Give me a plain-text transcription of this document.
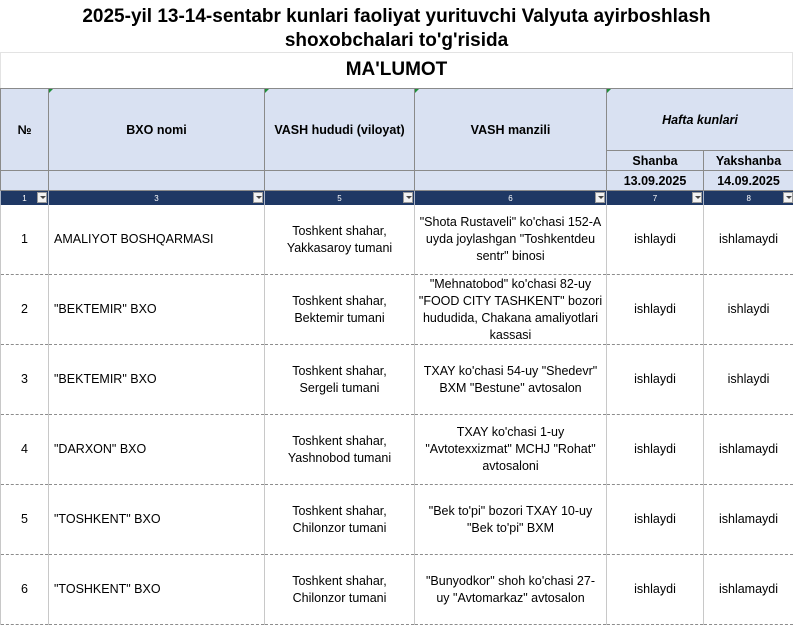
2025-yil 13-14-sentabr kunlari faoliyat yurituvchi Valyuta ayirboshlash
shoxobchalari to'g'risida
MA'LUMOT
№	BXO nomi	VASH hududi (viloyat)	VASH manzili	Hafta kunlari	
				Shanba	Yakshanba
				13.09.2025	14.09.2025
1	3	5	6	7	8

1	AMALIYOT BOSHQARMASI	Toshkent shahar,
Yakkasaroy tumani	"Shota Rustaveli" ko'chasi 152-A
uyda joylashgan "Toshkentdeu
sentr" binosi	ishlaydi	ishlamaydi
2	"BEKTEMIR" BXO	Toshkent shahar,
Bektemir tumani	"Mehnatobod" ko'chasi 82-uy
"FOOD CITY TASHKENT" bozori
hududida, Chakana amaliyotlari
kassasi	ishlaydi	ishlaydi
3	"BEKTEMIR" BXO	Toshkent shahar,
Sergeli tumani	TXAY ko'chasi 54-uy "Shedevr"
BXM "Bestune" avtosalon	ishlaydi	ishlaydi
4	"DARXON" BXO	Toshkent shahar,
Yashnobod tumani	TXAY ko'chasi 1-uy
"Avtotexxizmat" MCHJ "Rohat"
avtosaloni	ishlaydi	ishlamaydi
5	"TOSHKENT" BXO	Toshkent shahar,
Chilonzor tumani	"Bek to'pi" bozori TXAY 10-uy
"Bek to'pi" BXM	ishlaydi	ishlamaydi
6	"TOSHKENT" BXO	Toshkent shahar,
Chilonzor tumani	"Bunyodkor" shoh ko'chasi 27-
uy "Avtomarkaz" avtosalon	ishlaydi	ishlamaydi
